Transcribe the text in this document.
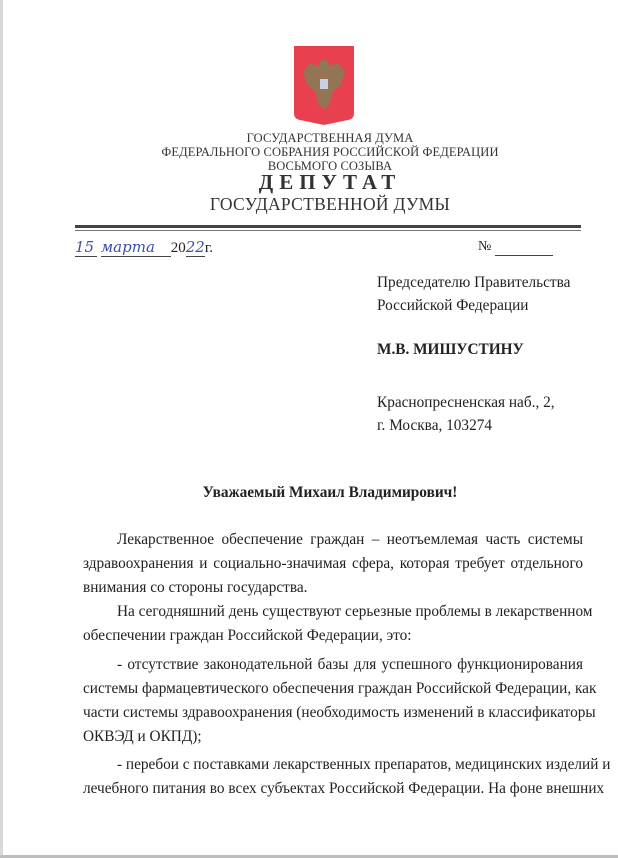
ГОСУДАРСТВЕННАЯ ДУМА
ФЕДЕРАЛЬНОГО СОБРАНИЯ РОССИЙСКОЙ ФЕДЕРАЦИИ
ВОСЬМОГО СОЗЫВА
ДЕПУТАТ
ГОСУДАРСТВЕННОЙ ДУМЫ
15 марта 2022г.	№
Председателю Правительства
Российской Федерации
М.В. МИШУСТИНУ
Краснопресненская наб., 2,
г. Москва, 103274
Уважаемый Михаил Владимирович!
Лекарственное обеспечение граждан – неотъемлемая часть системы
здравоохранения и социально-значимая сфера, которая требует отдельного
внимания со стороны государства.
На сегодняшний день существуют серьезные проблемы в лекарственном
обеспечении граждан Российской Федерации, это:
- отсутствие законодательной базы для успешного функционирования
системы фармацевтического обеспечения граждан Российской Федерации, как
части системы здравоохранения (необходимость изменений в классификаторы
ОКВЭД и ОКПД);
- перебои с поставками лекарственных препаратов, медицинских изделий и
лечебного питания во всех субъектах Российской Федерации. На фоне внешних
